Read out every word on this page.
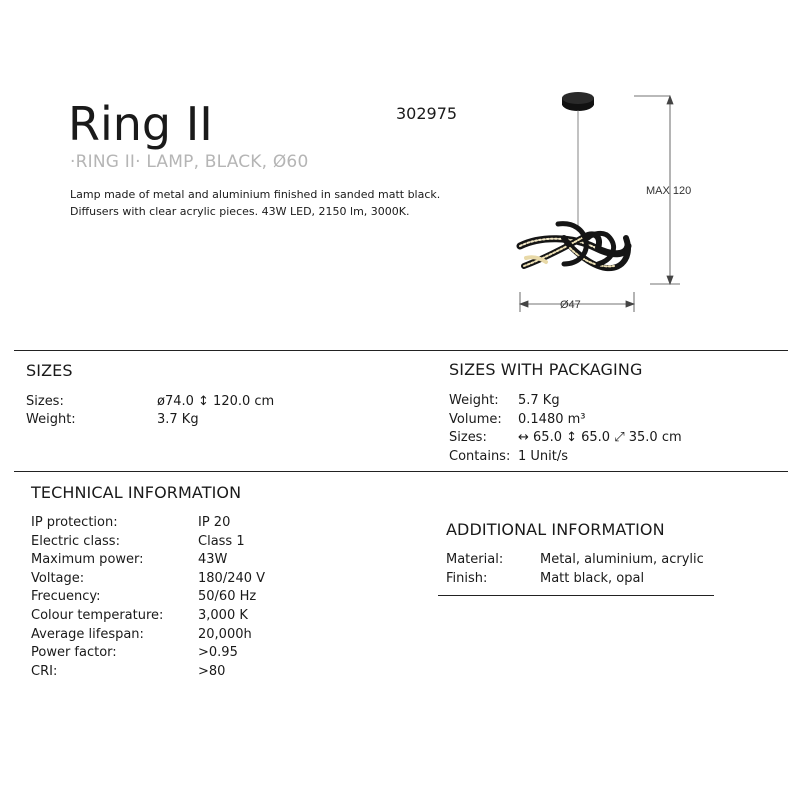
Ring II	302975
·RING II· LAMP, BLACK, Ø60

Lamp made of metal and aluminium finished in sanded matt black.

Diffusers with clear acrylic pieces. 43W LED, 2150 lm, 3000K.

MAX 120
Ø47
SIZES
Sizes:	ø74.0 ↕ 120.0 cm
Weight:	3.7 Kg
SIZES WITH PACKAGING
Weight: 5.7 Kg
Volume: 0.1480 m³
Sizes: ↔ 65.0 ↕ 65.0 ⤢ 35.0 cm
Contains: 1 Unit/s
TECHNICAL INFORMATION
IP protection:	IP 20
Electric class:	Class 1
Maximum power:	43W
Voltage:	180/240 V
Frecuency:	50/60 Hz
Colour temperature:	3,000 K
Average lifespan:	20,000h
Power factor:	>0.95
CRI:	>80
ADDITIONAL INFORMATION
Material:	Metal, aluminium, acrylic
Finish:	Matt black, opal
